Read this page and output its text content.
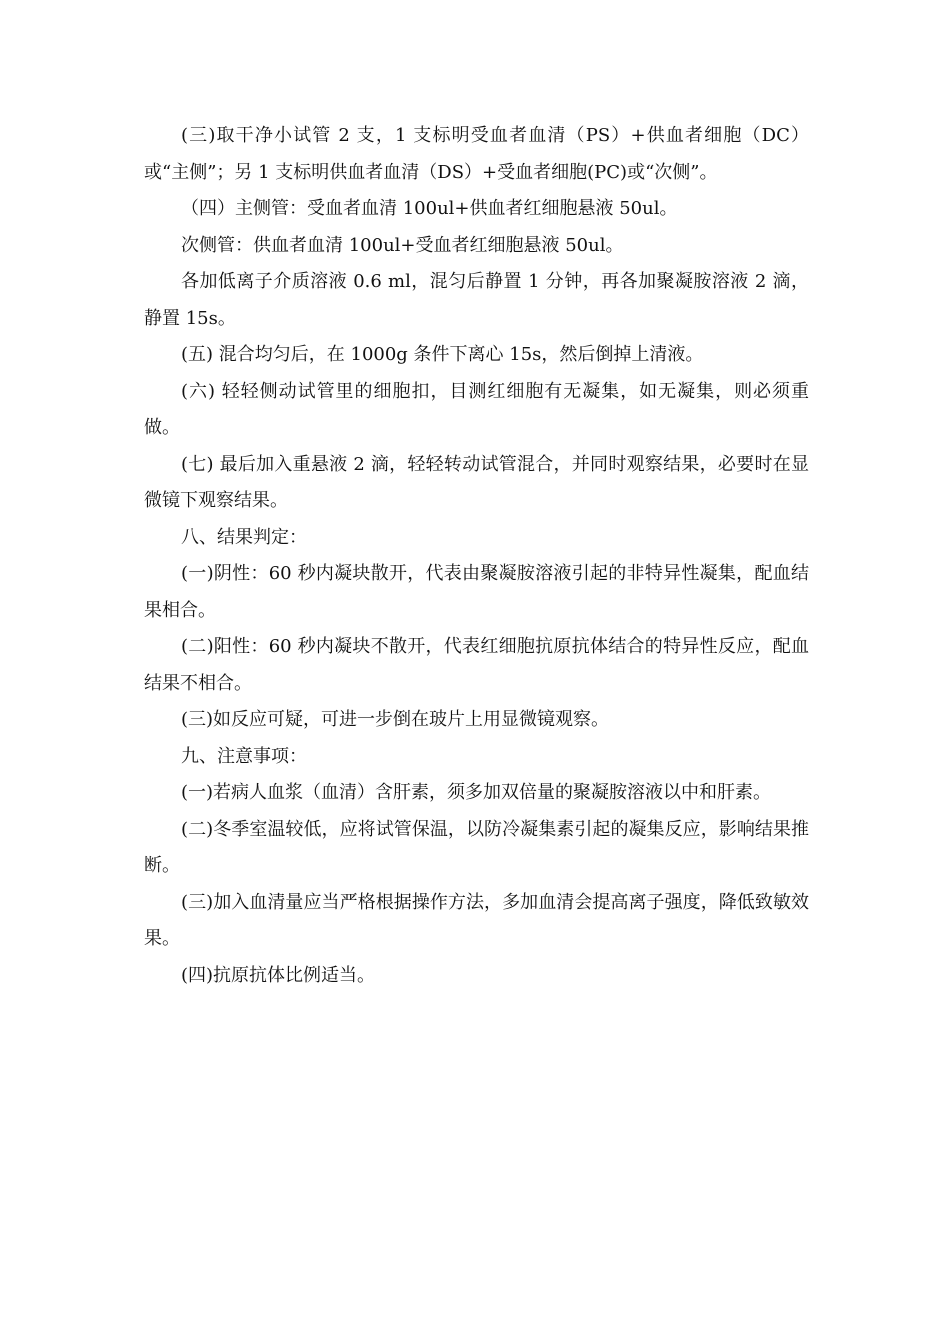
(三)取干净小试管 2 支，1 支标明受血者血清（PS）+供血者细胞（DC）或“主侧”；另 1 支标明供血者血清（DS）+受血者细胞(PC)或“次侧”。

（四）主侧管：受血者血清 100ul+供血者红细胞悬液 50ul。

次侧管：供血者血清 100ul+受血者红细胞悬液 50ul。

各加低离子介质溶液 0.6 ml，混匀后静置 1 分钟，再各加聚凝胺溶液 2 滴，静置 15s。

(五) 混合均匀后，在 1000g 条件下离心 15s，然后倒掉上清液。

(六) 轻轻侧动试管里的细胞扣，目测红细胞有无凝集，如无凝集，则必须重做。

(七) 最后加入重悬液 2 滴，轻轻转动试管混合，并同时观察结果，必要时在显微镜下观察结果。

八、结果判定：

(一)阴性：60 秒内凝块散开，代表由聚凝胺溶液引起的非特异性凝集，配血结果相合。

(二)阳性：60 秒内凝块不散开，代表红细胞抗原抗体结合的特异性反应，配血结果不相合。

(三)如反应可疑，可进一步倒在玻片上用显微镜观察。

九、注意事项：

(一)若病人血浆（血清）含肝素，须多加双倍量的聚凝胺溶液以中和肝素。

(二)冬季室温较低，应将试管保温，以防冷凝集素引起的凝集反应，影响结果推断。

(三)加入血清量应当严格根据操作方法，多加血清会提高离子强度，降低致敏效果。

(四)抗原抗体比例适当。
